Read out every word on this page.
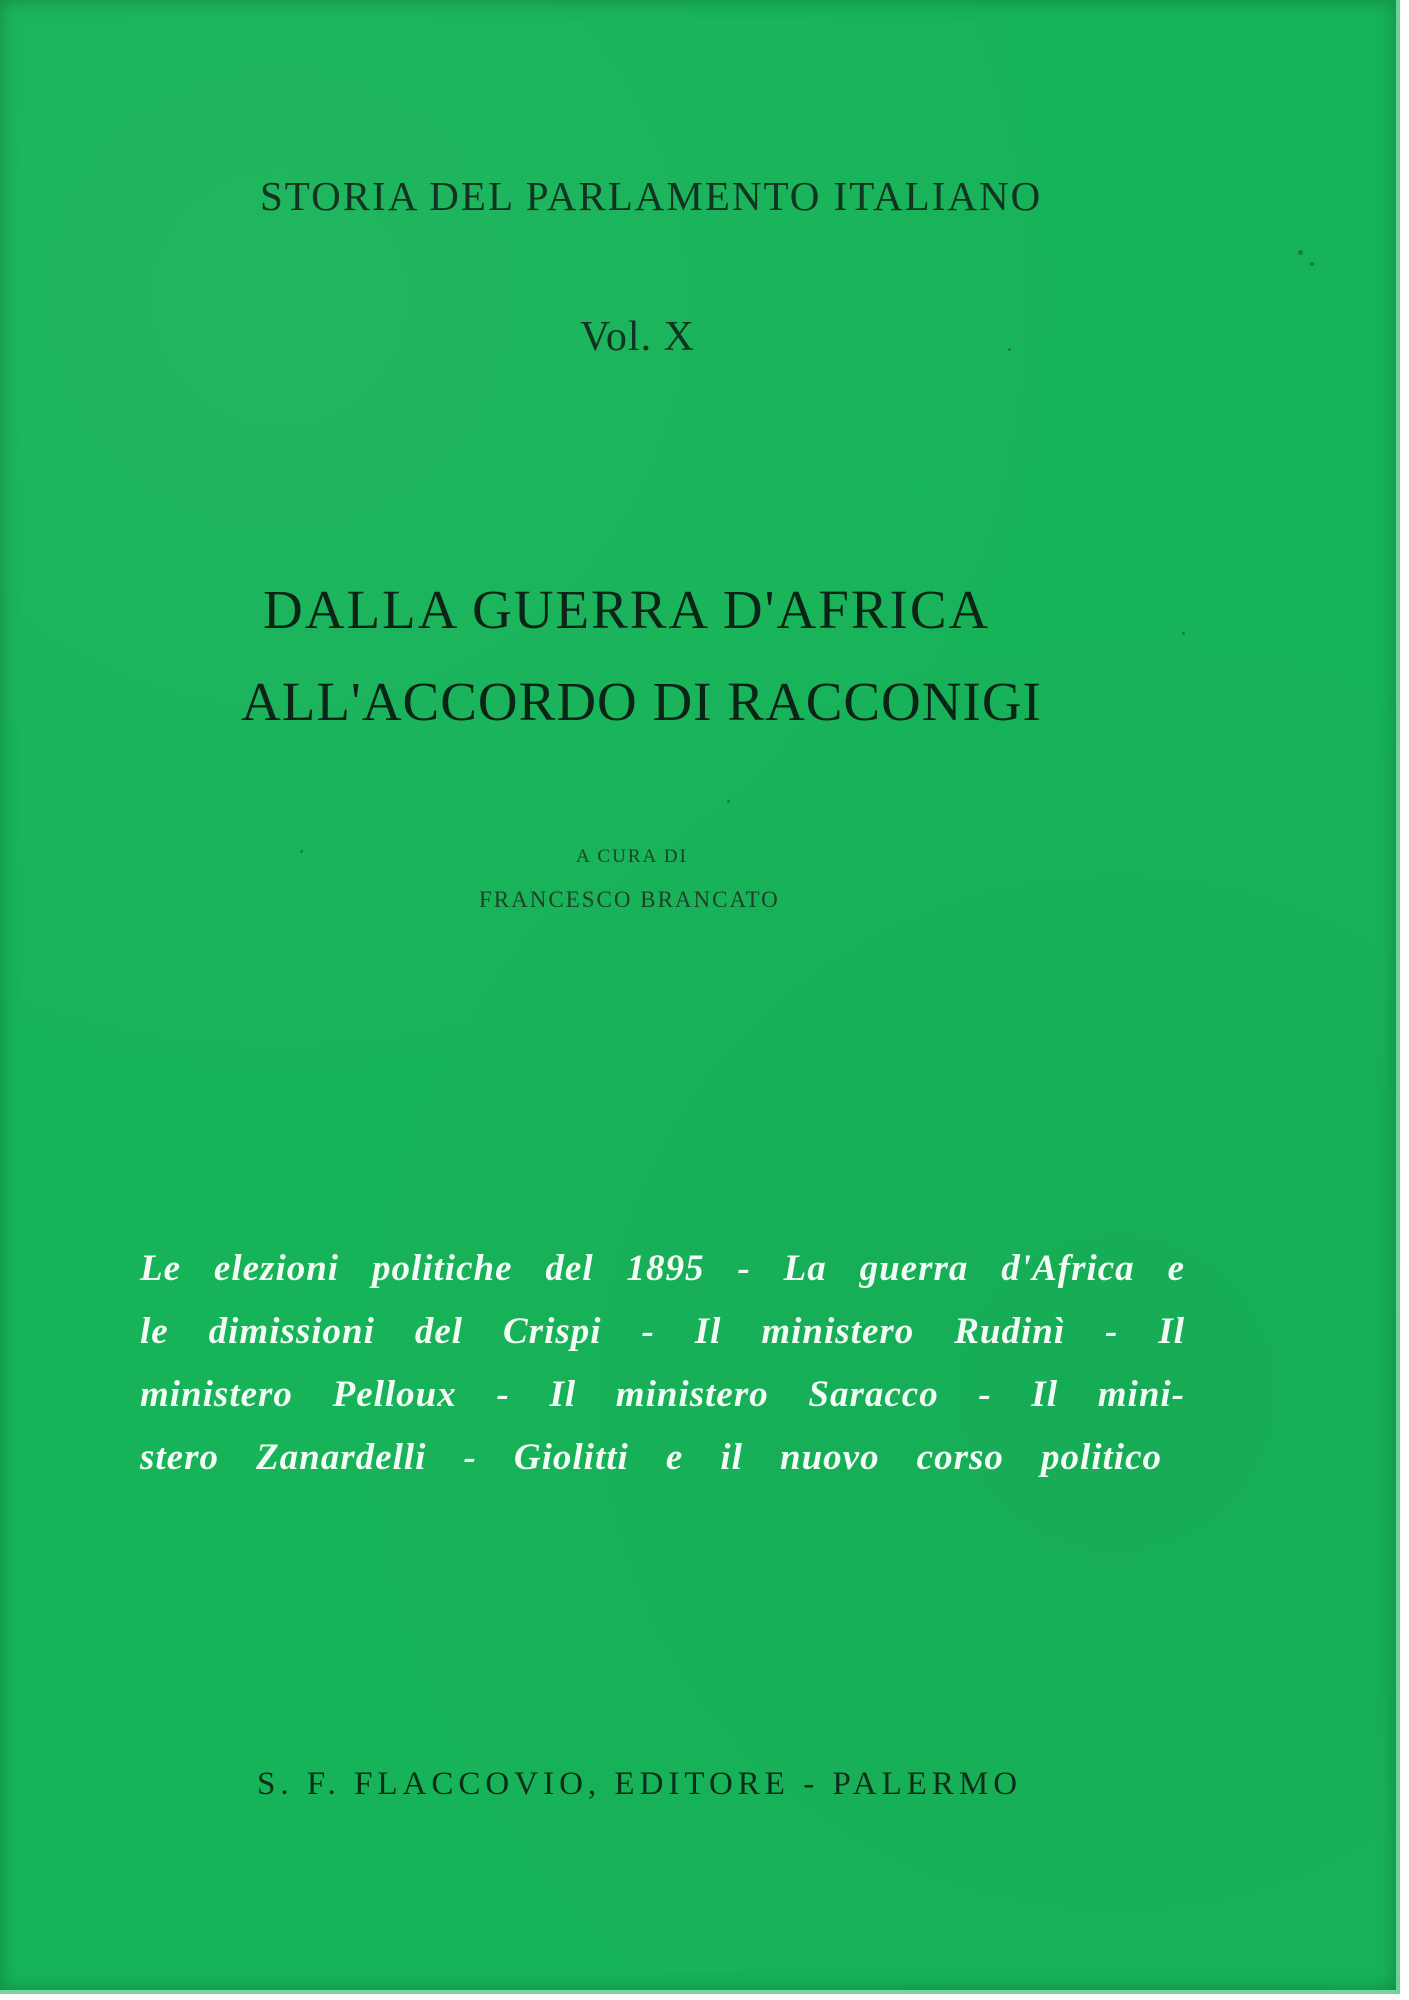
STORIA DEL PARLAMENTO ITALIANO
Vol. X
DALLA GUERRA D'AFRICA
ALL'ACCORDO DI RACCONIGI
A CURA DI
FRANCESCO BRANCATO
Le elezioni politiche del 1895 - La guerra d'Africa e
le dimissioni del Crispi - Il ministero Rudinì - Il
ministero Pelloux - Il ministero Saracco - Il mini-
stero Zanardelli - Giolitti e il nuovo corso politico
S. F. FLACCOVIO, EDITORE - PALERMO
